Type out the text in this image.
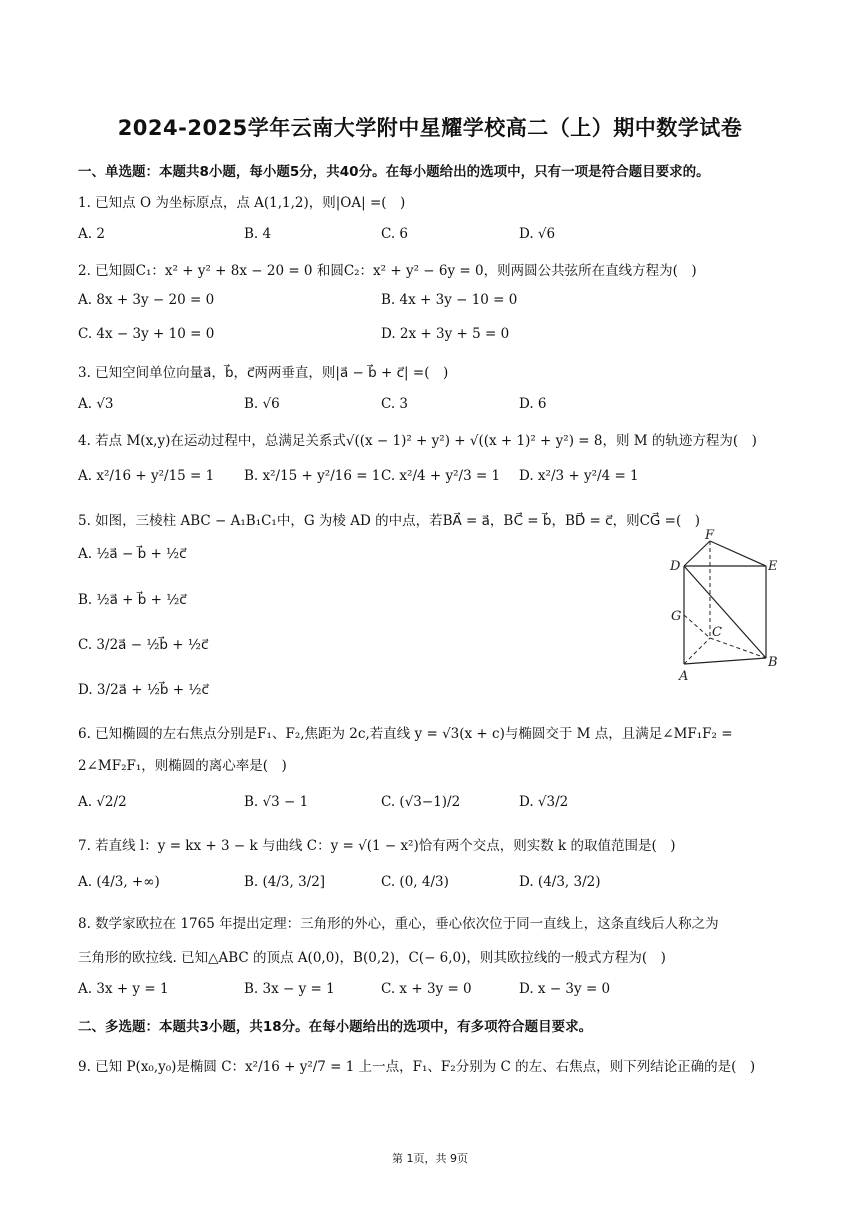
2024-2025学年云南大学附中星耀学校高二（上）期中数学试卷
一、单选题：本题共8小题，每小题5分，共40分。在每小题给出的选项中，只有一项是符合题目要求的。
1. 已知点 O 为坐标原点，点 A(1,1,2)，则|OA| =(　)
A. 2	B. 4	C. 6	D. √6
2. 已知圆C₁：x² + y² + 8x − 20 = 0 和圆C₂：x² + y² − 6y = 0，则两圆公共弦所在直线方程为(　)
A. 8x + 3y − 20 = 0	B. 4x + 3y − 10 = 0
C. 4x − 3y + 10 = 0	D. 2x + 3y + 5 = 0
3. 已知空间单位向量a⃗，b⃗，c⃗两两垂直，则|a⃗ − b⃗ + c⃗| =(　)
A. √3	B. √6	C. 3	D. 6
4. 若点 M(x,y)在运动过程中，总满足关系式√((x − 1)² + y²) + √((x + 1)² + y²) = 8，则 M 的轨迹方程为(　)
A. x²/16 + y²/15 = 1 B. x²/15 + y²/16 = 1 C. x²/4 + y²/3 = 1 D. x²/3 + y²/4 = 1
5. 如图，三棱柱 ABC − A₁B₁C₁中，G 为棱 AD 的中点，若BA⃗ = a⃗，BC⃗ = b⃗，BD⃗ = c⃗，则CG⃗ =(　)
A. ½a⃗ − b⃗ + ½c⃗
B. ½a⃗ + b⃗ + ½c⃗
C. 3/2a⃗ − ½b⃗ + ½c⃗
D. 3/2a⃗ + ½b⃗ + ½c⃗
D
F
E
G
C
A
B
6. 已知椭圆的左右焦点分别是F₁、F₂,焦距为 2c,若直线 y = √3(x + c)与椭圆交于 M 点，且满足∠MF₁F₂ =
2∠MF₂F₁，则椭圆的离心率是(　)
A. √2/2	B. √3 − 1	C. (√3−1)/2	D. √3/2
7. 若直线 l：y = kx + 3 − k 与曲线 C：y = √(1 − x²)恰有两个交点，则实数 k 的取值范围是(　)
A. (4/3, +∞)	B. (4/3, 3/2]	C. (0, 4/3)	D. (4/3, 3/2)
8. 数学家欧拉在 1765 年提出定理：三角形的外心，重心，垂心依次位于同一直线上，这条直线后人称之为
三角形的欧拉线. 已知△ABC 的顶点 A(0,0)，B(0,2)，C(− 6,0)，则其欧拉线的一般式方程为(　)
A. 3x + y = 1	B. 3x − y = 1	C. x + 3y = 0	D. x − 3y = 0
二、多选题：本题共3小题，共18分。在每小题给出的选项中，有多项符合题目要求。
9. 已知 P(x₀,y₀)是椭圆 C：x²/16 + y²/7 = 1 上一点，F₁、F₂分别为 C 的左、右焦点，则下列结论正确的是(　)
第 1页，共 9页
